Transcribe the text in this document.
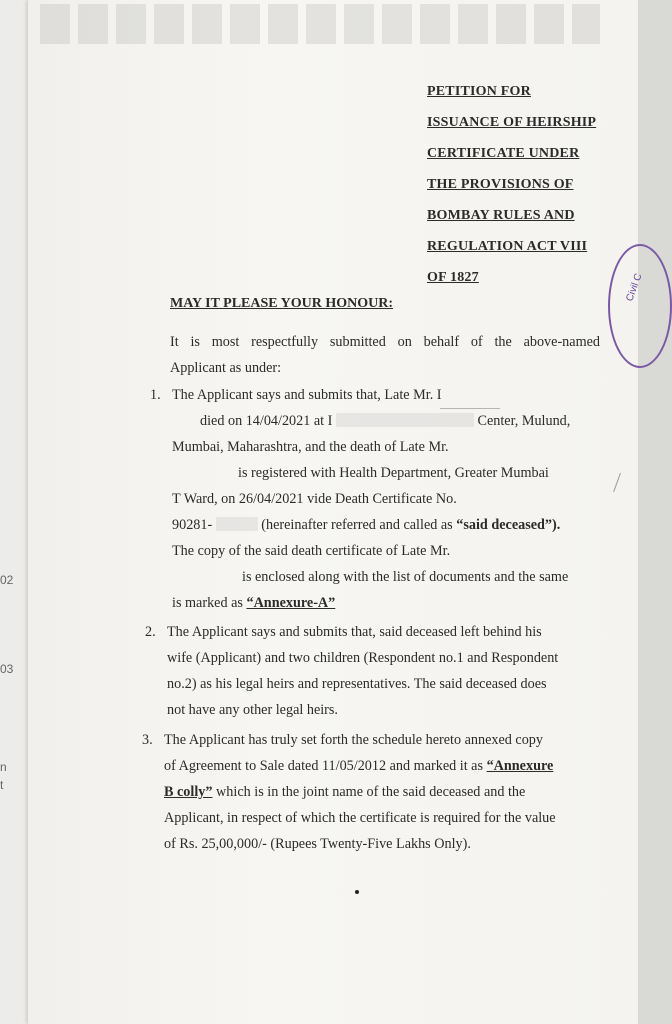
02
03
n
t
PETITION FOR
ISSUANCE OF HEIRSHIP
CERTIFICATE UNDER
THE PROVISIONS OF
BOMBAY RULES AND
REGULATION ACT VIII
OF 1827	Civil C
MAY IT PLEASE YOUR HONOUR:
It is most respectfully submitted on behalf of the above-named
Applicant as under:
1. The Applicant says and submits that, Late Mr. I
died on 14/04/2021 at I	Center, Mulund,
Mumbai, Maharashtra, and the death of Late Mr.
is registered with Health Department, Greater Mumbai
T Ward, on 26/04/2021 vide Death Certificate No.
90281-	(hereinafter referred and called as “said deceased”).
The copy of the said death certificate of Late Mr.
is enclosed along with the list of documents and the same
is marked as “Annexure-A”
2. The Applicant says and submits that, said deceased left behind his
wife (Applicant) and two children (Respondent no.1 and Respondent
no.2) as his legal heirs and representatives. The said deceased does
not have any other legal heirs.
3. The Applicant has truly set forth the schedule hereto annexed copy
of Agreement to Sale dated 11/05/2012 and marked it as “Annexure
B colly” which is in the joint name of the said deceased and the
Applicant, in respect of which the certificate is required for the value
of Rs. 25,00,000/- (Rupees Twenty-Five Lakhs Only).
